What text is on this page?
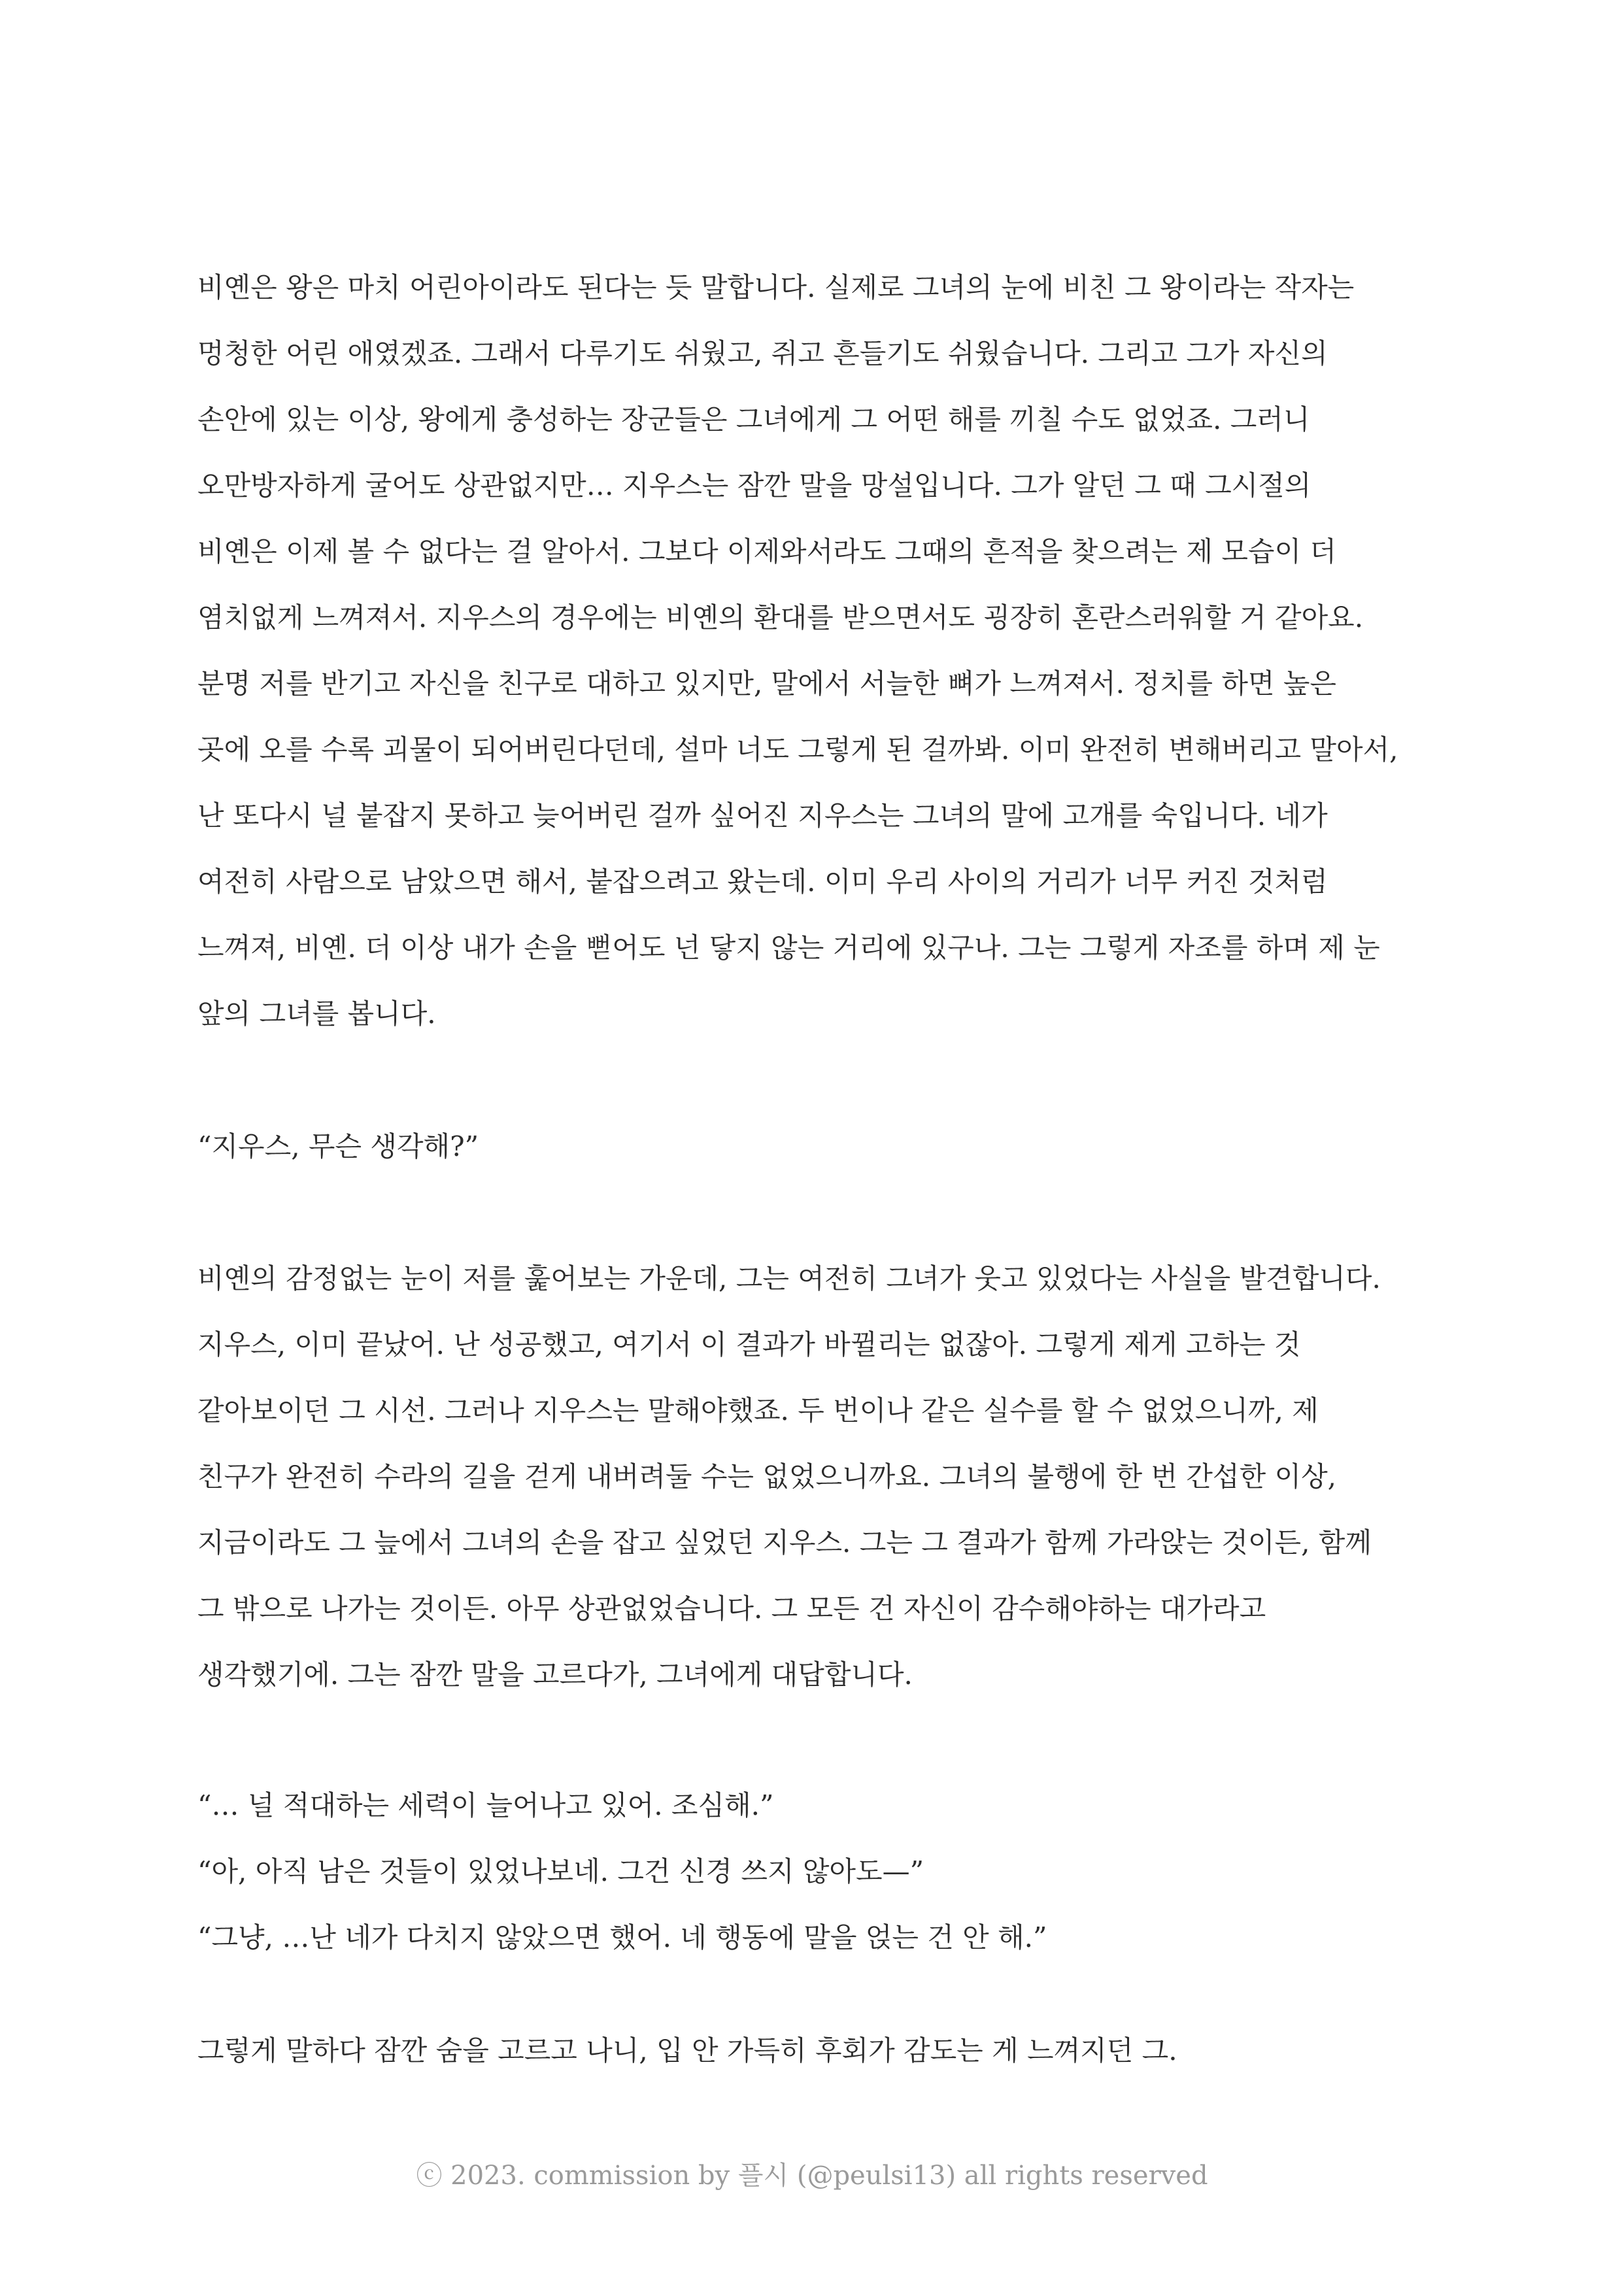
비옌은 왕은 마치 어린아이라도 된다는 듯 말합니다. 실제로 그녀의 눈에 비친 그 왕이라는 작자는
멍청한 어린 애였겠죠. 그래서 다루기도 쉬웠고, 쥐고 흔들기도 쉬웠습니다. 그리고 그가 자신의
손안에 있는 이상, 왕에게 충성하는 장군들은 그녀에게 그 어떤 해를 끼칠 수도 없었죠. 그러니
오만방자하게 굴어도 상관없지만… 지우스는 잠깐 말을 망설입니다. 그가 알던 그 때 그시절의
비옌은 이제 볼 수 없다는 걸 알아서. 그보다 이제와서라도 그때의 흔적을 찾으려는 제 모습이 더
염치없게 느껴져서. 지우스의 경우에는 비옌의 환대를 받으면서도 굉장히 혼란스러워할 거 같아요.
분명 저를 반기고 자신을 친구로 대하고 있지만, 말에서 서늘한 뼈가 느껴져서. 정치를 하면 높은
곳에 오를 수록 괴물이 되어버린다던데, 설마 너도 그렇게 된 걸까봐. 이미 완전히 변해버리고 말아서,
난 또다시 널 붙잡지 못하고 늦어버린 걸까 싶어진 지우스는 그녀의 말에 고개를 숙입니다. 네가
여전히 사람으로 남았으면 해서, 붙잡으려고 왔는데. 이미 우리 사이의 거리가 너무 커진 것처럼
느껴져, 비옌. 더 이상 내가 손을 뻗어도 넌 닿지 않는 거리에 있구나. 그는 그렇게 자조를 하며 제 눈
앞의 그녀를 봅니다.
“지우스, 무슨 생각해?”
비옌의 감정없는 눈이 저를 훑어보는 가운데, 그는 여전히 그녀가 웃고 있었다는 사실을 발견합니다.
지우스, 이미 끝났어. 난 성공했고, 여기서 이 결과가 바뀔리는 없잖아. 그렇게 제게 고하는 것
같아보이던 그 시선. 그러나 지우스는 말해야했죠. 두 번이나 같은 실수를 할 수 없었으니까, 제
친구가 완전히 수라의 길을 걷게 내버려둘 수는 없었으니까요. 그녀의 불행에 한 번 간섭한 이상,
지금이라도 그 늪에서 그녀의 손을 잡고 싶었던 지우스. 그는 그 결과가 함께 가라앉는 것이든, 함께
그 밖으로 나가는 것이든. 아무 상관없었습니다. 그 모든 건 자신이 감수해야하는 대가라고
생각했기에. 그는 잠깐 말을 고르다가, 그녀에게 대답합니다.
“… 널 적대하는 세력이 늘어나고 있어. 조심해.”
“아, 아직 남은 것들이 있었나보네. 그건 신경 쓰지 않아도—”
“그냥, …난 네가 다치지 않았으면 했어. 네 행동에 말을 얹는 건 안 해.”
그렇게 말하다 잠깐 숨을 고르고 나니, 입 안 가득히 후회가 감도는 게 느껴지던 그.
ⓒ 2023. commission by 플시 (@peulsi13) all rights reserved
